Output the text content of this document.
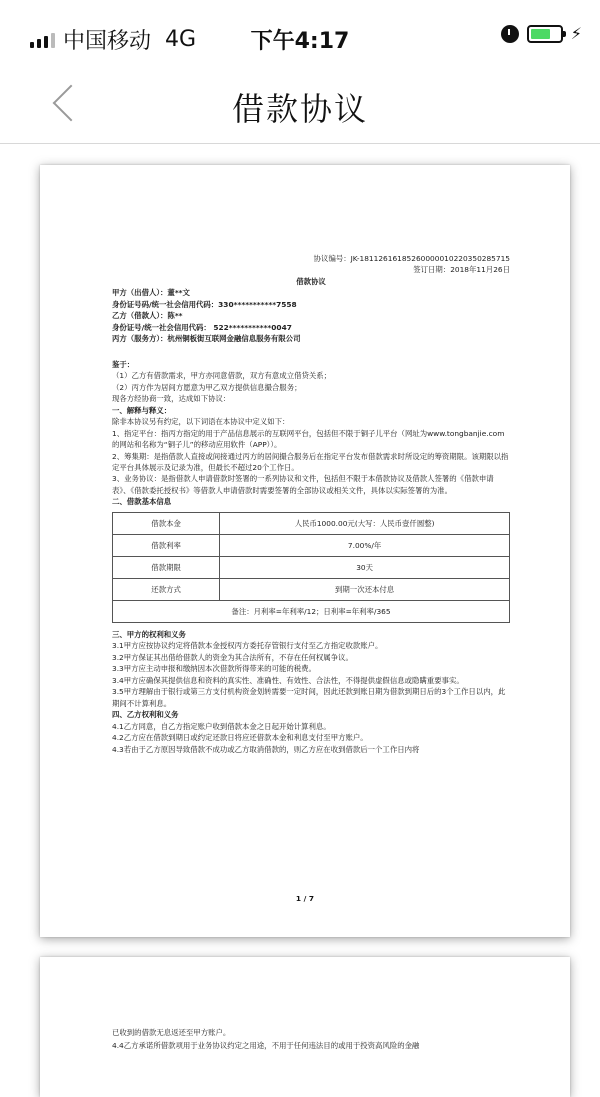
中国移动 4G	下午4:17	⚡
借款协议
协议编号：JK-181126161852600000102203502857​15
签订日期：2018年11月26日
借款协议
甲方（出借人）：董**文
身份证号码/统一社会信用代码：330***********7558
乙方（借款人）：陈**
身份证号/统一社会信用代码： 522***********0047
丙方（服务方）：杭州铜板街互联网金融信息服务有限公司
鉴于：
（1）乙方有借款需求，甲方亦同意借款，双方有意成立借贷关系；
（2）丙方作为居间方愿意为甲乙双方提供信息撮合服务；
现各方经协商一致，达成如下协议：
一、解释与释义：
除非本协议另有约定，以下词语在本协议中定义如下：
1、指定平台：指丙方指定的用于产品信息展示的互联网平台，包括但不限于铜子儿平台（网址为www.tongbanjie.com的网站和名称为“铜子儿”的移动应用软件（APP））。
2、筹集期：是指借款人直接或间接通过丙方的居间撮合服务后在指定平台发布借款需求时所设定的筹资期限。该期限以指定平台具体展示及记录为准，但最长不超过20个工作日。
3、业务协议：是指借款人申请借款时签署的一系列协议和文件，包括但不限于本借款协议及借款人签署的《借款申请表》、《借款委托授权书》等借款人申请借款时需要签署的全部协议或相关文件，具体以实际签署的为准。
二、借款基本信息
借款本金	人民币1000.00元(大写：人民币壹仟圆整)
借款利率	7.00%/年
借款期限	30天
还款方式	到期一次还本付息
备注：月利率=年利率/12；日利率=年利率/365	
三、甲方的权利和义务
3.1甲方应按协议约定将借款本金授权丙方委托存管银行支付至乙方指定收款账户。
3.2甲方保证其出借给借款人的资金为其合法所有，不存在任何权属争议。
3.3甲方应主动申报和缴纳因本次借款所得带来的可能的税费。
3.4甲方应确保其提供信息和资料的真实性、准确性、有效性、合法性，不得提供虚假信息或隐瞒重要事实。
3.5甲方理解由于银行或第三方支付机构资金划转需要一定时间，因此还款到账日期为借款到期日后的3个工作日以内，此期间不计算利息。
四、乙方权利和义务
4.1乙方同意，自乙方指定账户收到借款本金之日起开始计算利息。
4.2乙方应在借款到期日或约定还款日将应还借款本金和利息支付至甲方账户。
4.3若由于乙方原因导致借款不成功或乙方取消借款的，则乙方应在收到借款后一个工作日内将
1 / 7
已收到的借款无息返还至甲方账户。
4.4乙方承诺所借款项用于业务协议约定之用途，不用于任何违法目的或用于投资高风险的金融
